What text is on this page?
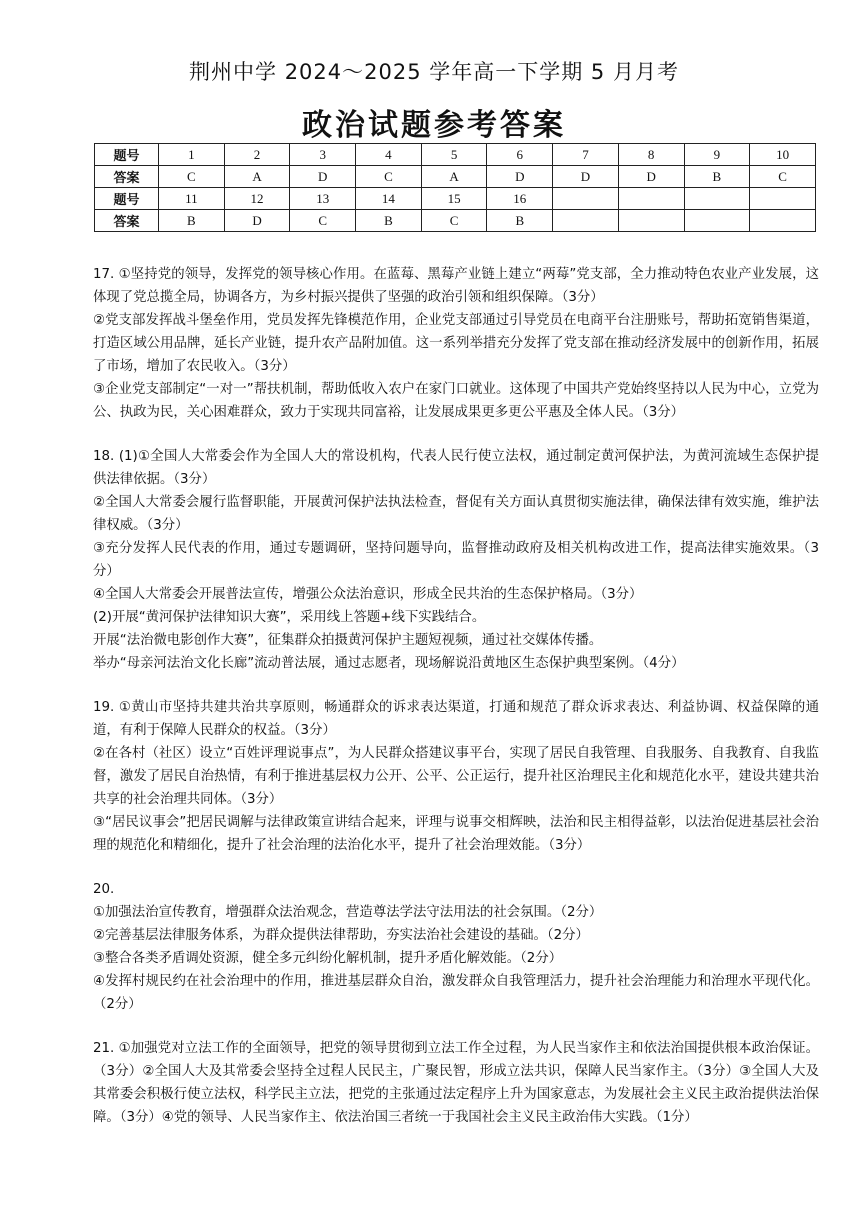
荆州中学 2024～2025 学年高一下学期 5 月月考
政治试题参考答案
题号	1	2	3	4	5	6	7	8	9	10
答案	C	A	D	C	A	D	D	D	B	C
题号	11	12	13	14	15	16				
答案	B	D	C	B	C	B				

17. ①坚持党的领导，发挥党的领导核心作用。在蓝莓、黑莓产业链上建立“两莓”党支部，全力推动特色农业产业发展，这体现了党总揽全局，协调各方，为乡村振兴提供了坚强的政治引领和组织保障。（3分）

②党支部发挥战斗堡垒作用，党员发挥先锋模范作用，企业党支部通过引导党员在电商平台注册账号，帮助拓宽销售渠道，打造区域公用品牌，延长产业链，提升农产品附加值。这一系列举措充分发挥了党支部在推动经济发展中的创新作用，拓展了市场，增加了农民收入。（3分）

③企业党支部制定“一对一”帮扶机制，帮助低收入农户在家门口就业。这体现了中国共产党始终坚持以人民为中心，立党为公、执政为民，关心困难群众，致力于实现共同富裕，让发展成果更多更公平惠及全体人民。（3分）

18. (1)①全国人大常委会作为全国人大的常设机构，代表人民行使立法权，通过制定黄河保护法，为黄河流域生态保护提供法律依据。（3分）

②全国人大常委会履行监督职能，开展黄河保护法执法检查，督促有关方面认真贯彻实施法律，确保法律有效实施，维护法律权威。（3分）

③充分发挥人民代表的作用，通过专题调研，坚持问题导向，监督推动政府及相关机构改进工作，提高法律实施效果。（3分）

④全国人大常委会开展普法宣传，增强公众法治意识，形成全民共治的生态保护格局。（3分）

(2)开展“黄河保护法律知识大赛”，采用线上答题+线下实践结合。

开展“法治微电影创作大赛”，征集群众拍摄黄河保护主题短视频，通过社交媒体传播。

举办“母亲河法治文化长廊”流动普法展，通过志愿者，现场解说沿黄地区生态保护典型案例。（4分）

19. ①黄山市坚持共建共治共享原则，畅通群众的诉求表达渠道，打通和规范了群众诉求表达、利益协调、权益保障的通道，有利于保障人民群众的权益。（3分）

②在各村（社区）设立“百姓评理说事点”，为人民群众搭建议事平台，实现了居民自我管理、自我服务、自我教育、自我监督，激发了居民自治热情，有利于推进基层权力公开、公平、公正运行，提升社区治理民主化和规范化水平，建设共建共治共享的社会治理共同体。（3分）

③“居民议事会”把居民调解与法律政策宣讲结合起来，评理与说事交相辉映，法治和民主相得益彰，以法治促进基层社会治理的规范化和精细化，提升了社会治理的法治化水平，提升了社会治理效能。（3分）

20.

①加强法治宣传教育，增强群众法治观念，营造尊法学法守法用法的社会氛围。（2分）

②完善基层法律服务体系，为群众提供法律帮助，夯实法治社会建设的基础。（2分）

③整合各类矛盾调处资源，健全多元纠纷化解机制，提升矛盾化解效能。（2分）

④发挥村规民约在社会治理中的作用，推进基层群众自治，激发群众自我管理活力，提升社会治理能力和治理水平现代化。（2分）

21. ①加强党对立法工作的全面领导，把党的领导贯彻到立法工作全过程，为人民当家作主和依法治国提供根本政治保证。（3分）②全国人大及其常委会坚持全过程人民民主，广聚民智，形成立法共识，保障人民当家作主。（3分）③全国人大及其常委会积极行使立法权，科学民主立法，把党的主张通过法定程序上升为国家意志，为发展社会主义民主政治提供法治保障。（3分）④党的领导、人民当家作主、依法治国三者统一于我国社会主义民主政治伟大实践。（1分）
